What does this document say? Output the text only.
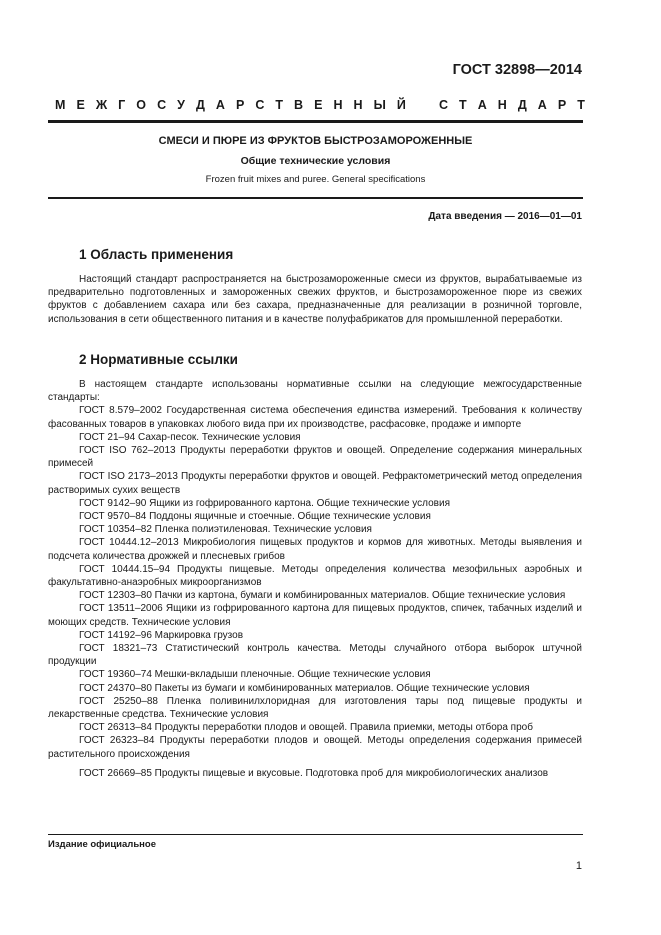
ГОСТ 32898—2014
М Е Ж Г О С У Д А Р С Т В Е Н Н Ы Й	С Т А Н Д А Р Т
СМЕСИ И ПЮРЕ ИЗ ФРУКТОВ БЫСТРОЗАМОРОЖЕННЫЕ
Общие технические условия
Frozen fruit mixes and puree. General specifications
Дата введения — 2016—01—01
1 Область применения

Настоящий стандарт распространяется на быстрозамороженные смеси из фруктов, вырабатываемые из предварительно подготовленных и замороженных свежих фруктов, и быстрозамороженное пюре из свежих фруктов с добавлением сахара или без сахара, предназначенные для реализации в розничной торговле, использования в сети общественного питания и в качестве полуфабрикатов для промышленной переработки.

2 Нормативные ссылки

В настоящем стандарте использованы нормативные ссылки на следующие межгосударственные стандарты:

ГОСТ 8.579–2002 Государственная система обеспечения единства измерений. Требования к количеству фасованных товаров в упаковках любого вида при их производстве, расфасовке, продаже и импорте

ГОСТ 21–94 Сахар-песок. Технические условия

ГОСТ ISO 762–2013 Продукты переработки фруктов и овощей. Определение содержания минеральных примесей

ГОСТ ISO 2173–2013 Продукты переработки фруктов и овощей. Рефрактометрический метод определения растворимых сухих веществ

ГОСТ 9142–90 Ящики из гофрированного картона. Общие технические условия

ГОСТ 9570–84 Поддоны ящичные и стоечные. Общие технические условия

ГОСТ 10354–82 Пленка полиэтиленовая. Технические условия

ГОСТ 10444.12–2013 Микробиология пищевых продуктов и кормов для животных. Методы выявления и подсчета количества дрожжей и плесневых грибов

ГОСТ 10444.15–94 Продукты пищевые. Методы определения количества мезофильных аэробных и факультативно-анаэробных микроорганизмов

ГОСТ 12303–80 Пачки из картона, бумаги и комбинированных материалов. Общие технические условия

ГОСТ 13511–2006 Ящики из гофрированного картона для пищевых продуктов, спичек, табачных изделий и моющих средств. Технические условия

ГОСТ 14192–96 Маркировка грузов

ГОСТ 18321–73 Статистический контроль качества. Методы случайного отбора выборок штучной продукции

ГОСТ 19360–74 Мешки-вкладыши пленочные. Общие технические условия

ГОСТ 24370–80 Пакеты из бумаги и комбинированных материалов. Общие технические условия

ГОСТ 25250–88 Пленка поливинилхлоридная для изготовления тары под пищевые продукты и лекарственные средства. Технические условия

ГОСТ 26313–84 Продукты переработки плодов и овощей. Правила приемки, методы отбора проб

ГОСТ 26323–84 Продукты переработки плодов и овощей. Методы определения содержания примесей растительного происхождения

ГОСТ 26669–85 Продукты пищевые и вкусовые. Подготовка проб для микробиологических анализов

Издание официальное
1
